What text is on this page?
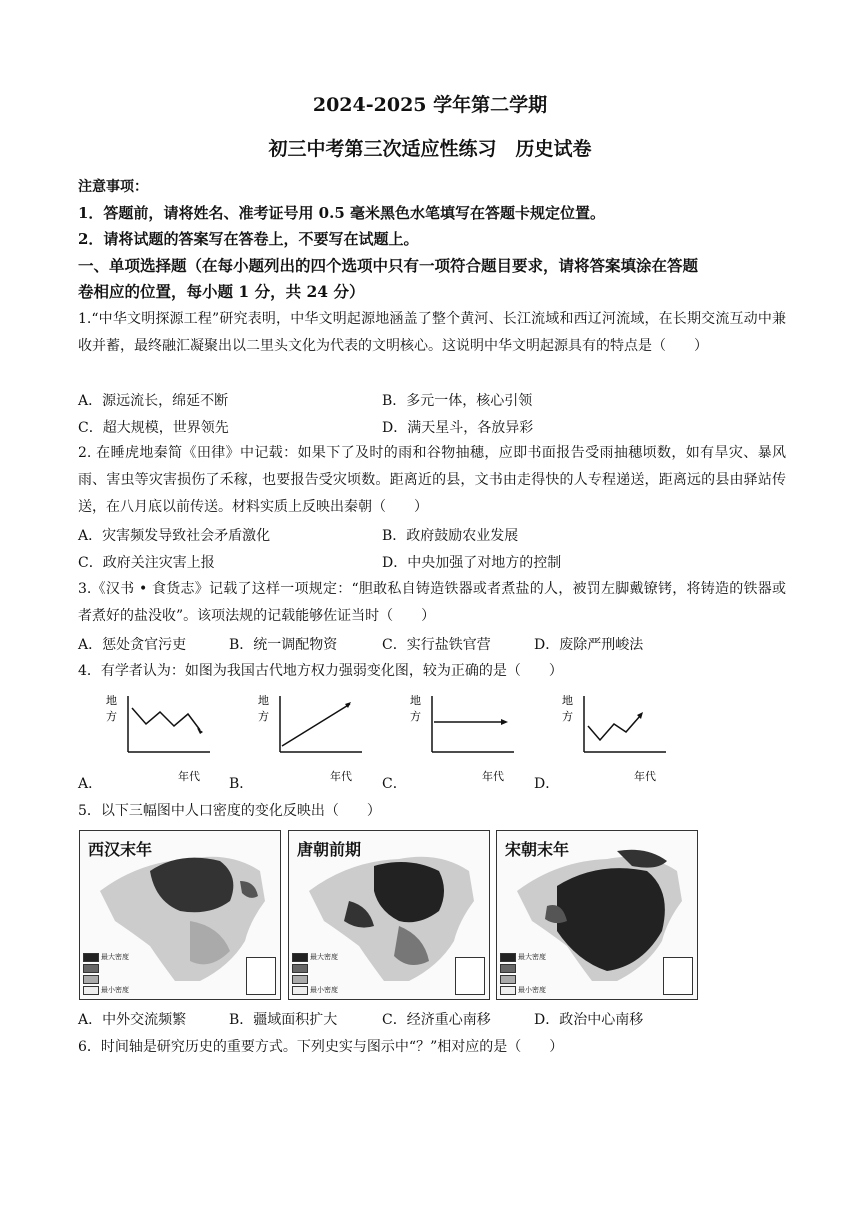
2024-2025 学年第二学期
初三中考第三次适应性练习　历史试卷
注意事项：
1．答题前，请将姓名、准考证号用 0.5 毫米黑色水笔填写在答题卡规定位置。
2．请将试题的答案写在答卷上，不要写在试题上。
一、单项选择题（在每小题列出的四个选项中只有一项符合题目要求，请将答案填涂在答题
卷相应的位置，每小题 1 分，共 24 分）
1.“中华文明探源工程”研究表明，中华文明起源地涵盖了整个黄河、长江流域和西辽河流域，在长期交流互动中兼收并蓄，最终融汇凝聚出以二里头文化为代表的文明核心。这说明中华文明起源具有的特点是（　　）
A．源远流长，绵延不断	B．多元一体，核心引领
C．超大规模，世界领先	D．满天星斗，各放异彩
2. 在睡虎地秦简《田律》中记载：如果下了及时的雨和谷物抽穗，应即书面报告受雨抽穗顷数，如有旱灾、暴风雨、害虫等灾害损伤了禾稼，也要报告受灾顷数。距离近的县，文书由走得快的人专程递送，距离远的县由驿站传送，在八月底以前传送。材料实质上反映出秦朝（　　）
A．灾害频发导致社会矛盾激化	B．政府鼓励农业发展
C．政府关注灾害上报	D．中央加强了对地方的控制
3.《汉书 • 食货志》记载了这样一项规定：“胆敢私自铸造铁器或者煮盐的人，被罚左脚戴镣铐，将铸造的铁器或者煮好的盐没收”。该项法规的记载能够佐证当时（　　）
A．惩处贪官污吏	B．统一调配物资	C．实行盐铁官营	D．废除严刑峻法
4．有学者认为：如图为我国古代地方权力强弱变化图，较为正确的是（　　）
A．	B．	C．	D．
地
方
年代
地
方
年代
地
方
年代
地
方
年代
5．以下三幅图中人口密度的变化反映出（　　）
西汉末年
最大密度
最小密度
唐朝前期
最大密度
最小密度
宋朝末年
最大密度
最小密度
A．中外交流频繁	B．疆域面积扩大	C．经济重心南移	D．政治中心南移
6．时间轴是研究历史的重要方式。下列史实与图示中“？”相对应的是（　　）
